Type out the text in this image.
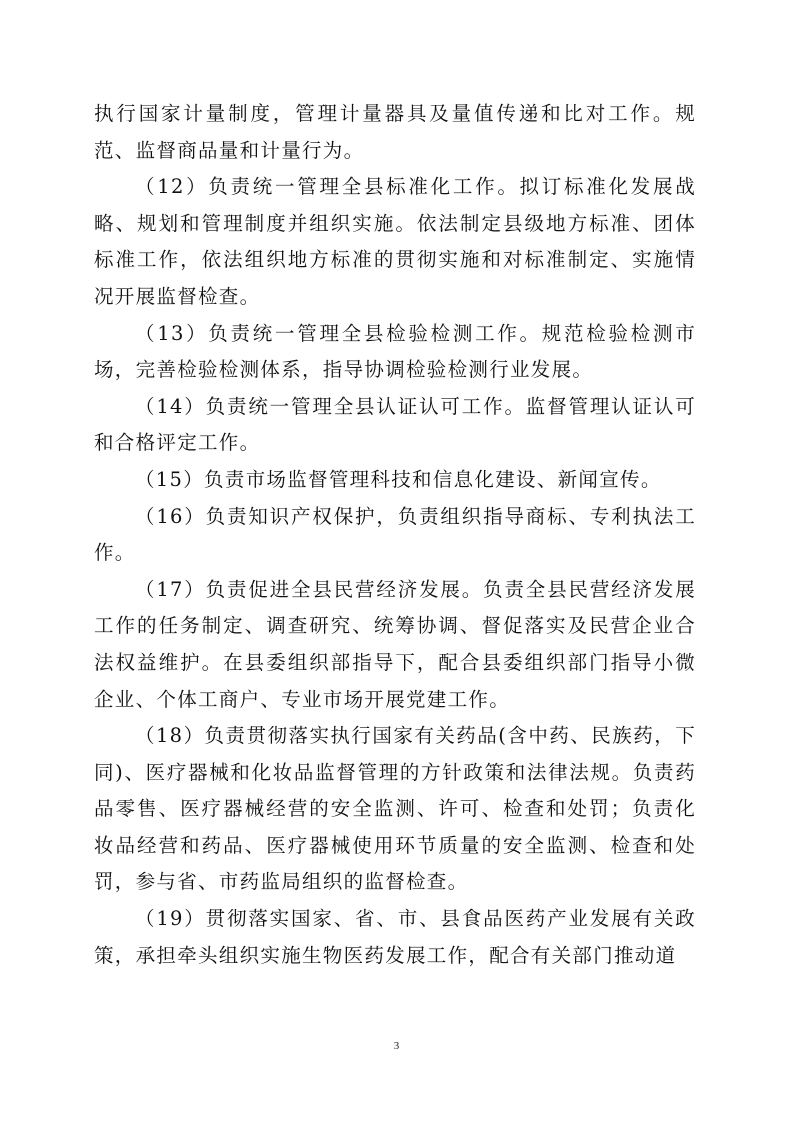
执行国家计量制度，管理计量器具及量值传递和比对工作。规范、监督商品量和计量行为。

（12）负责统一管理全县标准化工作。拟订标准化发展战略、规划和管理制度并组织实施。依法制定县级地方标准、团体标准工作，依法组织地方标准的贯彻实施和对标准制定、实施情况开展监督检查。

（13）负责统一管理全县检验检测工作。规范检验检测市场，完善检验检测体系，指导协调检验检测行业发展。

（14）负责统一管理全县认证认可工作。监督管理认证认可和合格评定工作。

（15）负责市场监督管理科技和信息化建设、新闻宣传。

（16）负责知识产权保护，负责组织指导商标、专利执法工作。

（17）负责促进全县民营经济发展。负责全县民营经济发展工作的任务制定、调查研究、统筹协调、督促落实及民营企业合法权益维护。在县委组织部指导下，配合县委组织部门指导小微企业、个体工商户、专业市场开展党建工作。

（18）负责贯彻落实执行国家有关药品(含中药、民族药，下同)、医疗器械和化妆品监督管理的方针政策和法律法规。负责药品零售、医疗器械经营的安全监测、许可、检查和处罚；负责化妆品经营和药品、医疗器械使用环节质量的安全监测、检查和处罚，参与省、市药监局组织的监督检查。

（19）贯彻落实国家、省、市、县食品医药产业发展有关政策，承担牵头组织实施生物医药发展工作，配合有关部门推动道

3
